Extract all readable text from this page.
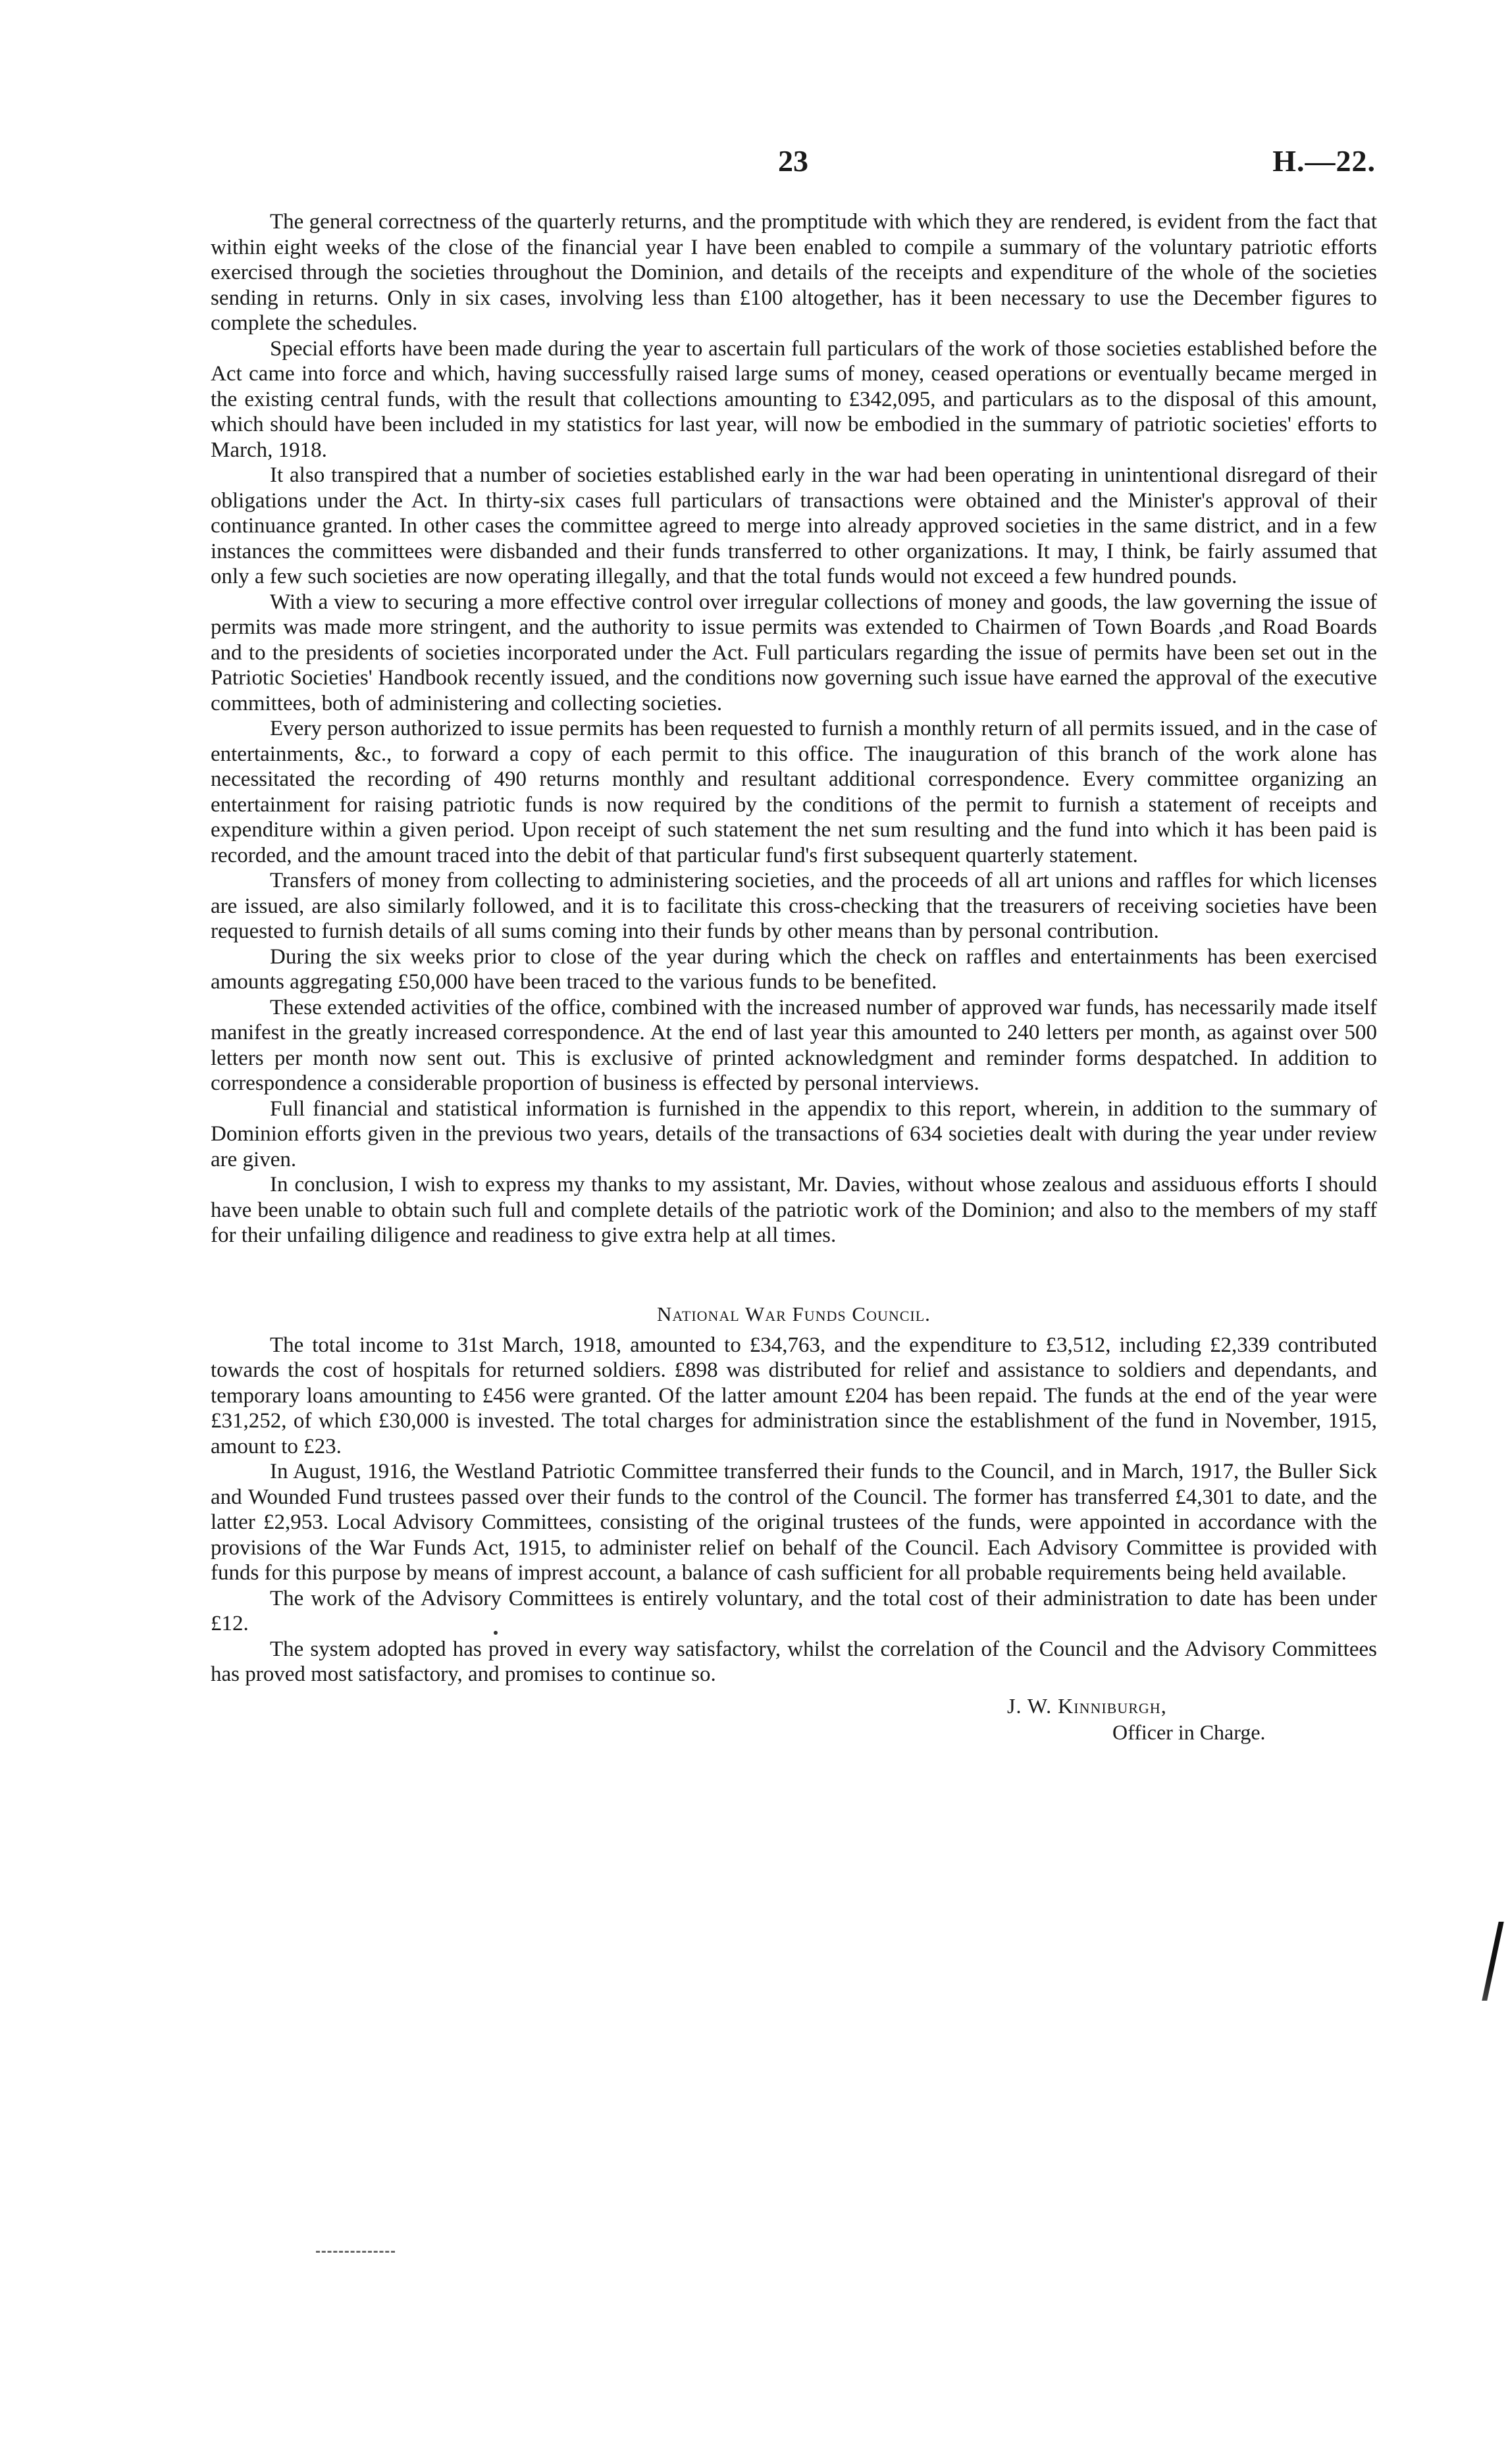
23	H.—22.

The general correctness of the quarterly returns, and the promptitude with which they are rendered, is evident from the fact that within eight weeks of the close of the financial year I have been enabled to compile a summary of the voluntary patriotic efforts exercised through the societies throughout the Dominion, and details of the receipts and expenditure of the whole of the societies sending in returns. Only in six cases, involving less than £100 altogether, has it been necessary to use the December figures to complete the schedules.

Special efforts have been made during the year to ascertain full particulars of the work of those societies established before the Act came into force and which, having successfully raised large sums of money, ceased operations or eventually became merged in the existing central funds, with the result that collections amounting to £342,095, and particulars as to the disposal of this amount, which should have been included in my statistics for last year, will now be embodied in the summary of patriotic societies' efforts to March, 1918.

It also transpired that a number of societies established early in the war had been operating in unintentional disregard of their obligations under the Act. In thirty-six cases full particulars of transactions were obtained and the Minister's approval of their continuance granted. In other cases the committee agreed to merge into already approved societies in the same district, and in a few instances the committees were disbanded and their funds transferred to other organizations. It may, I think, be fairly assumed that only a few such societies are now operating illegally, and that the total funds would not exceed a few hundred pounds.

With a view to securing a more effective control over irregular collections of money and goods, the law governing the issue of permits was made more stringent, and the authority to issue permits was extended to Chairmen of Town Boards ,and Road Boards and to the presidents of societies incorporated under the Act. Full particulars regarding the issue of permits have been set out in the Patriotic Societies' Handbook recently issued, and the conditions now governing such issue have earned the approval of the executive committees, both of administering and collecting societies.

Every person authorized to issue permits has been requested to furnish a monthly return of all permits issued, and in the case of entertainments, &c., to forward a copy of each permit to this office. The inauguration of this branch of the work alone has necessitated the recording of 490 returns monthly and resultant additional correspondence. Every committee organizing an entertainment for raising patriotic funds is now required by the conditions of the permit to furnish a statement of receipts and expenditure within a given period. Upon receipt of such statement the net sum resulting and the fund into which it has been paid is recorded, and the amount traced into the debit of that particular fund's first subsequent quarterly statement.

Transfers of money from collecting to administering societies, and the proceeds of all art unions and raffles for which licenses are issued, are also similarly followed, and it is to facilitate this cross-checking that the treasurers of receiving societies have been requested to furnish details of all sums coming into their funds by other means than by personal contribution.

During the six weeks prior to close of the year during which the check on raffles and entertainments has been exercised amounts aggregating £50,000 have been traced to the various funds to be benefited.

These extended activities of the office, combined with the increased number of approved war funds, has necessarily made itself manifest in the greatly increased correspondence. At the end of last year this amounted to 240 letters per month, as against over 500 letters per month now sent out. This is exclusive of printed acknowledgment and reminder forms despatched. In addition to correspondence a considerable proportion of business is effected by personal interviews.

Full financial and statistical information is furnished in the appendix to this report, wherein, in addition to the summary of Dominion efforts given in the previous two years, details of the transactions of 634 societies dealt with during the year under review are given.

In conclusion, I wish to express my thanks to my assistant, Mr. Davies, without whose zealous and assiduous efforts I should have been unable to obtain such full and complete details of the patriotic work of the Dominion; and also to the members of my staff for their unfailing diligence and readiness to give extra help at all times.

National War Funds Council.

The total income to 31st March, 1918, amounted to £34,763, and the expenditure to £3,512, including £2,339 contributed towards the cost of hospitals for returned soldiers. £898 was distributed for relief and assistance to soldiers and dependants, and temporary loans amounting to £456 were granted. Of the latter amount £204 has been repaid. The funds at the end of the year were £31,252, of which £30,000 is invested. The total charges for administration since the establishment of the fund in November, 1915, amount to £23.

In August, 1916, the Westland Patriotic Committee transferred their funds to the Council, and in March, 1917, the Buller Sick and Wounded Fund trustees passed over their funds to the control of the Council. The former has transferred £4,301 to date, and the latter £2,953. Local Advisory Committees, consisting of the original trustees of the funds, were appointed in accordance with the provisions of the War Funds Act, 1915, to administer relief on behalf of the Council. Each Advisory Committee is provided with funds for this purpose by means of imprest account, a balance of cash sufficient for all probable requirements being held available.

The work of the Advisory Committees is entirely voluntary, and the total cost of their administration to date has been under £12.

The system adopted has proved in every way satisfactory, whilst the correlation of the Council and the Advisory Committees has proved most satisfactory, and promises to continue so.

J. W. Kinniburgh,
Officer in Charge.
